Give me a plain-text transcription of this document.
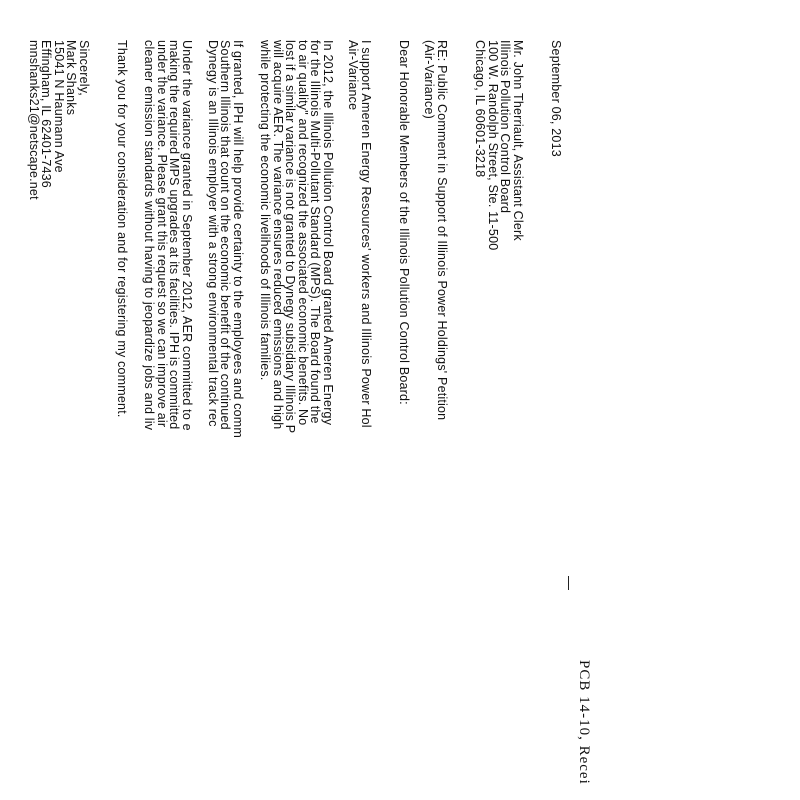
PCB 14-10, Recei
September 06, 2013
Mr. John Therriault, Assistant Clerk
Illinois Pollution Control Board
100 W. Randolph Street, Ste. 11-500
Chicago, IL 60601-3218
RE: Public Comment in Support of Illinois Power Holdings' Petition
(Air-Variance)
Dear Honorable Members of the Illinois Pollution Control Board:
I support Ameren Energy Resources' workers and Illinois Power Hol
Air-Variance
In 2012, the Illinois Pollution Control Board granted Ameren Energy
for the Illinois Multi-Pollutant Standard (MPS). The Board found the
to air quality" and recognized the associated economic benefits. No
lost if a similar variance is not granted to Dynegy subsidiary Illinois P
will acquire AER. The variance ensures reduced emissions and high
while protecting the economic livelihoods of Illinois families.
If granted, IPH will help provide certainty to the employees and comm
Southern Illinois that count on the economic benefit of the continued
Dynegy is an Illinois employer with a strong environmental track rec
Under the variance granted in September 2012, AER committed to e
making the required MPS upgrades at its facilities. IPH is committed
under the variance. Please grant this request so we can improve air
cleaner emission standards without having to jeopardize jobs and liv
Thank you for your consideration and for registering my comment.
Sincerely,
Mark Shanks
15041 N Haumann Ave
Effingham, IL 62401-7436
mnshanks21@netscape.net
